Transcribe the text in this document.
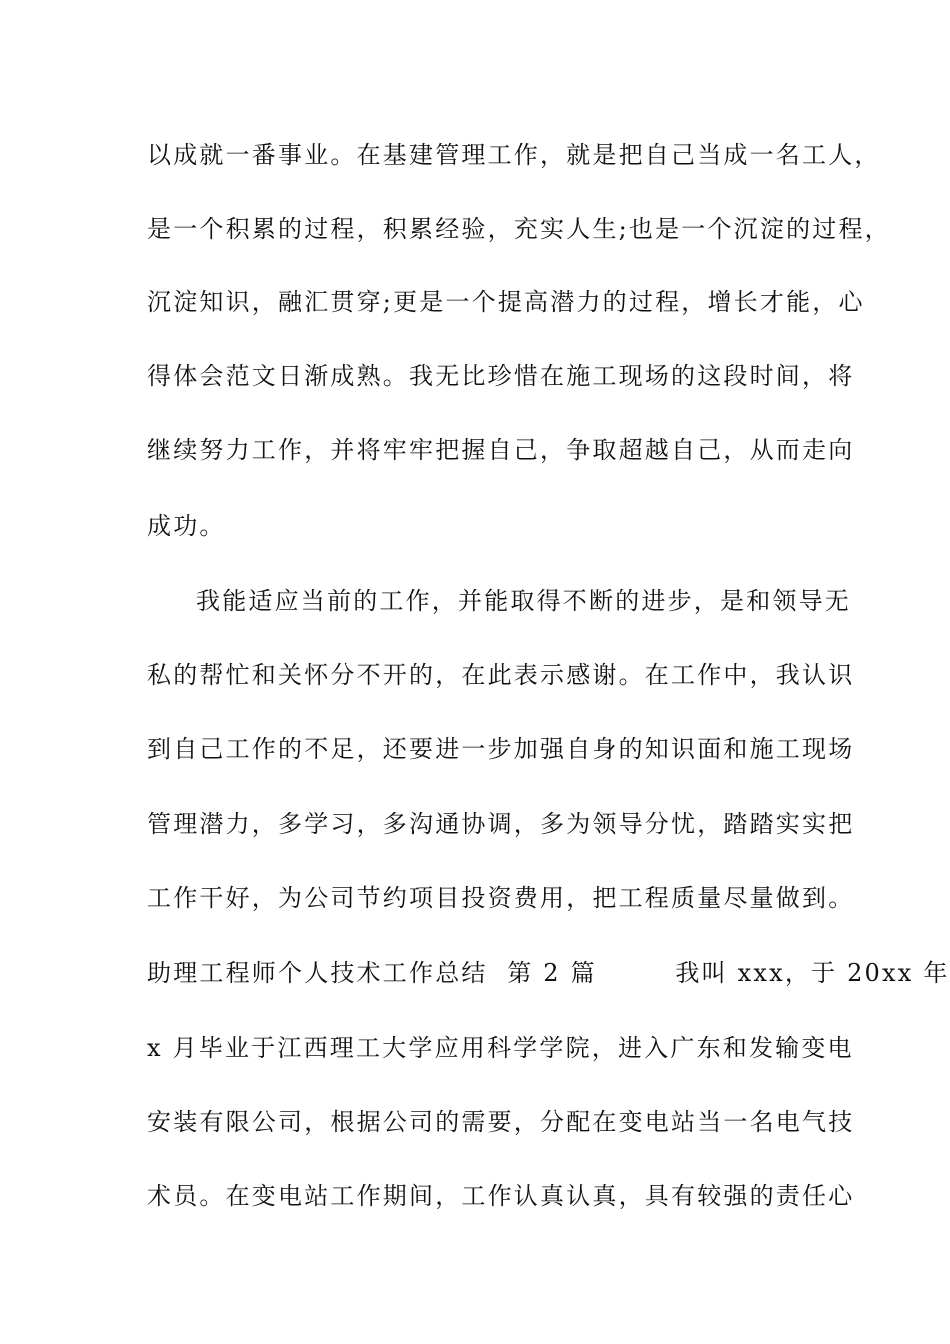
以成就一番事业。在基建管理工作，就是把自己当成一名工人，
是一个积累的过程，积累经验，充实人生;也是一个沉淀的过程，
沉淀知识，融汇贯穿;更是一个提高潜力的过程，增长才能，心
得体会范文日渐成熟。我无比珍惜在施工现场的这段时间，将
继续努力工作，并将牢牢把握自己，争取超越自己，从而走向
成功。
我能适应当前的工作，并能取得不断的进步，是和领导无
私的帮忙和关怀分不开的，在此表示感谢。在工作中，我认识
到自己工作的不足，还要进一步加强自身的知识面和施工现场
管理潜力，多学习，多沟通协调，多为领导分忧，踏踏实实把
工作干好，为公司节约项目投资费用，把工程质量尽量做到。
助理工程师个人技术工作总结  第 2 篇        我叫 xxx，于 20xx 年
x 月毕业于江西理工大学应用科学学院，进入广东和发输变电
安装有限公司，根据公司的需要，分配在变电站当一名电气技
术员。在变电站工作期间，工作认真认真，具有较强的责任心
